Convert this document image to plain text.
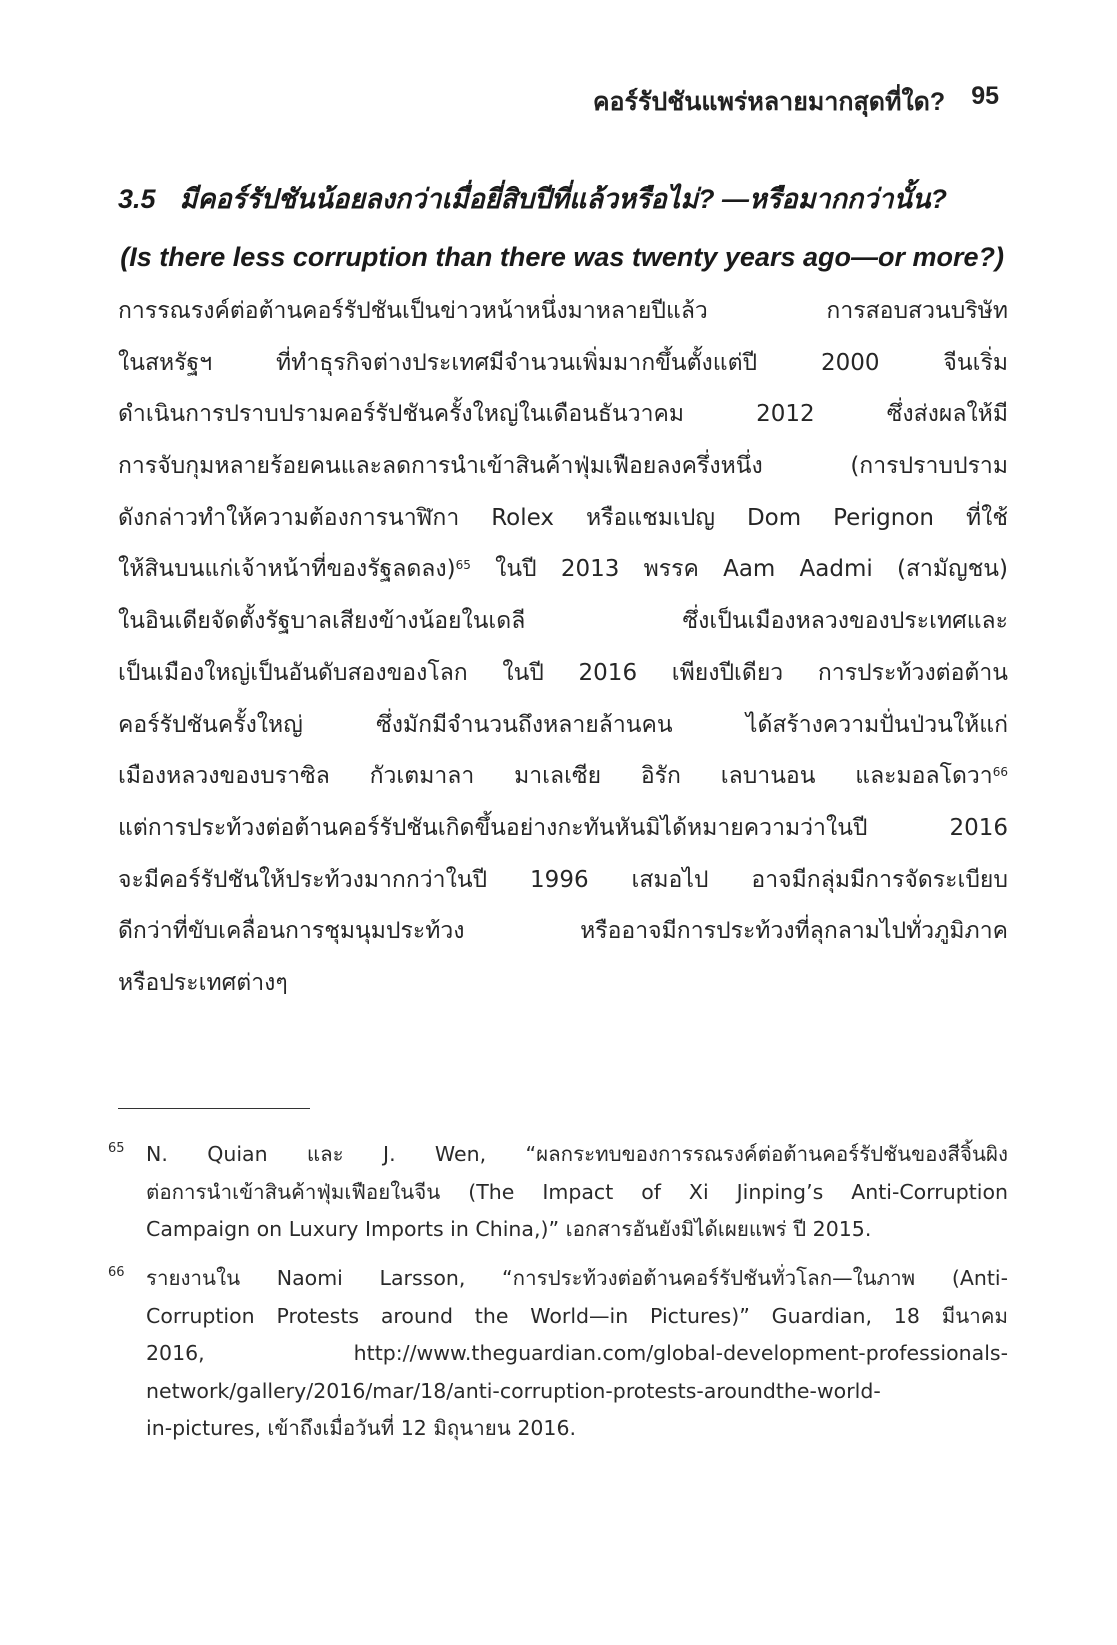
คอร์รัปชันแพร่หลายมากสุดที่ใด? 95
3.5 มีคอร์รัปชันน้อยลงกว่าเมื่อยี่สิบปีที่แล้วหรือไม่? —หรือมากกว่านั้น?
(Is there less corruption than there was twenty years ago—or more?)
การรณรงค์ต่อต้านคอร์รัปชันเป็นข่าวหน้าหนึ่งมาหลายปีแล้ว การสอบสวนบริษัท
ในสหรัฐฯ ที่ทำธุรกิจต่างประเทศมีจำนวนเพิ่มมากขึ้นตั้งแต่ปี 2000 จีนเริ่ม
ดำเนินการปราบปรามคอร์รัปชันครั้งใหญ่ในเดือนธันวาคม 2012 ซึ่งส่งผลให้มี
การจับกุมหลายร้อยคนและลดการนำเข้าสินค้าฟุ่มเฟือยลงครึ่งหนึ่ง (การปราบปราม
ดังกล่าวทำให้ความต้องการนาฬิกา Rolex หรือแชมเปญ Dom Perignon ที่ใช้
ให้สินบนแก่เจ้าหน้าที่ของรัฐลดลง)$^{65}$ ในปี 2013 พรรค Aam Aadmi (สามัญชน)
ในอินเดียจัดตั้งรัฐบาลเสียงข้างน้อยในเดลี ซึ่งเป็นเมืองหลวงของประเทศและ
เป็นเมืองใหญ่เป็นอันดับสองของโลก ในปี 2016 เพียงปีเดียว การประท้วงต่อต้าน
คอร์รัปชันครั้งใหญ่ ซึ่งมักมีจำนวนถึงหลายล้านคน ได้สร้างความปั่นป่วนให้แก่
เมืองหลวงของบราซิล กัวเตมาลา มาเลเซีย อิรัก เลบานอน และมอลโดวา$^{66}$
แต่การประท้วงต่อต้านคอร์รัปชันเกิดขึ้นอย่างกะทันหันมิได้หมายความว่าในปี 2016
จะมีคอร์รัปชันให้ประท้วงมากกว่าในปี 1996 เสมอไป อาจมีกลุ่มมีการจัดระเบียบ
ดีกว่าที่ขับเคลื่อนการชุมนุมประท้วง หรืออาจมีการประท้วงที่ลุกลามไปทั่วภูมิภาค
หรือประเทศต่างๆ
65 N. Quian และ J. Wen, “ผลกระทบของการรณรงค์ต่อต้านคอร์รัปชันของสีจิ้นผิง
ต่อการนำเข้าสินค้าฟุ่มเฟือยในจีน (The Impact of Xi Jinping’s Anti-Corruption
Campaign on Luxury Imports in China,)” เอกสารอันยังมิได้เผยแพร่ ปี 2015.
66 รายงานใน Naomi Larsson, “การประท้วงต่อต้านคอร์รัปชันทั่วโลก—ในภาพ (Anti-
Corruption Protests around the World—in Pictures)” Guardian, 18 มีนาคม
2016, http://www.theguardian.com/global-development-professionals-
network/gallery/2016/mar/18/anti-corruption-protests-aroundthe-world-
in-pictures, เข้าถึงเมื่อวันที่ 12 มิถุนายน 2016.
